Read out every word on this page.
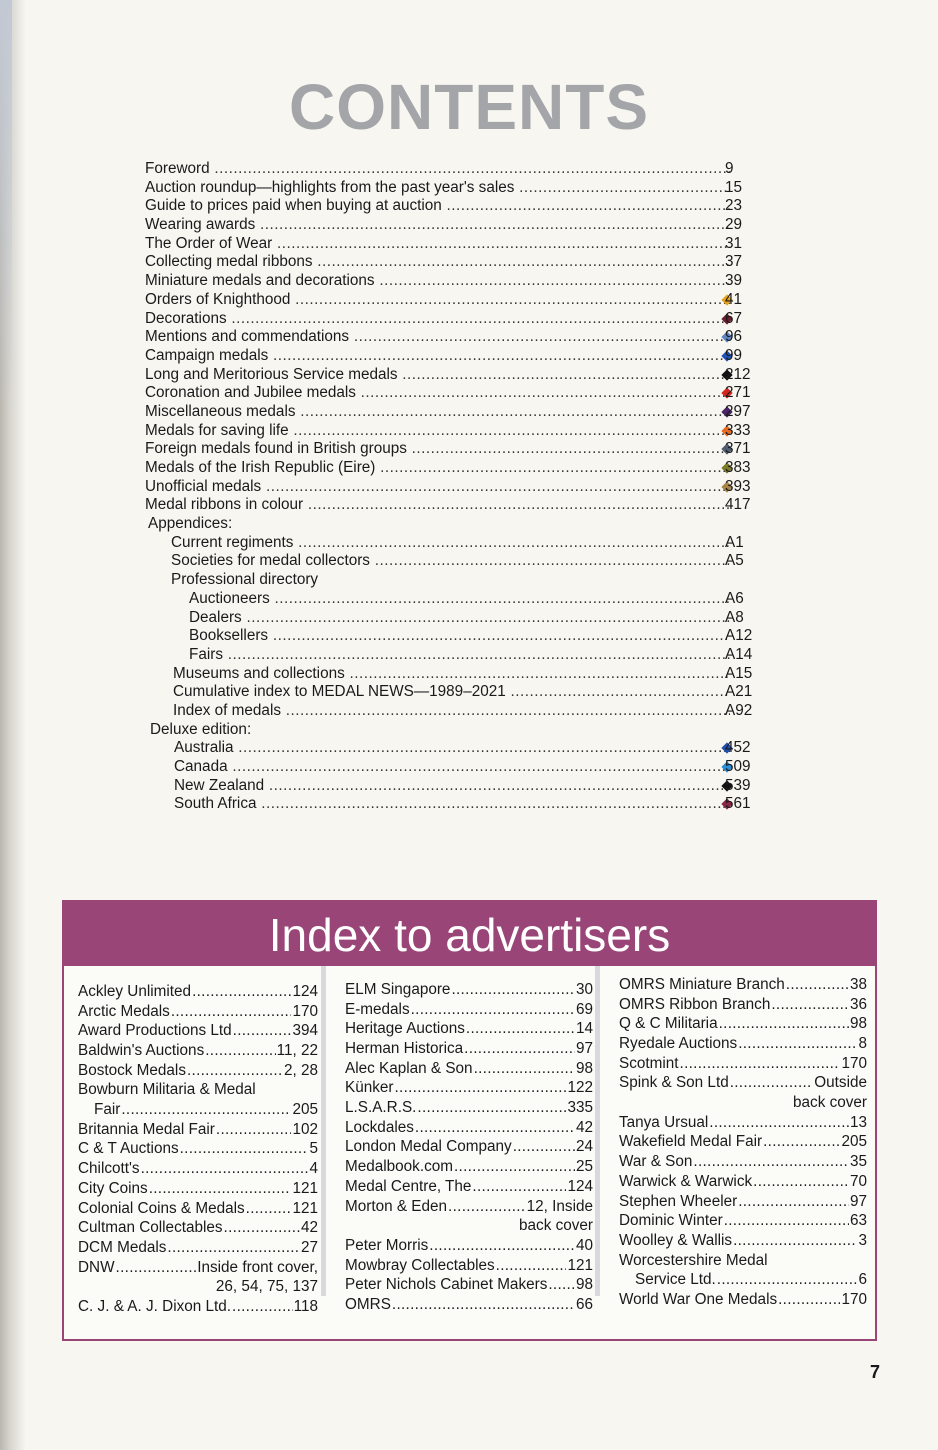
CONTENTS
Foreword .....	9
Auction roundup—highlights from the past year's sales .....	15
Guide to prices paid when buying at auction .....	23
Wearing awards .....	29
The Order of Wear .....	31
Collecting medal ribbons .....	37
Miniature medals and decorations .....	39
Orders of Knighthood .....	41
Decorations .....	67
Mentions and commendations .....	96
Campaign medals .....	99
Long and Meritorious Service medals .....	212
Coronation and Jubilee medals .....	271
Miscellaneous medals .....	297
Medals for saving life .....	333
Foreign medals found in British groups .....	371
Medals of the Irish Republic (Eire) .....	383
Unofficial medals .....	393
Medal ribbons in colour .....	417
Appendices:
Current regiments .....	A1
Societies for medal collectors .....	A5
Professional directory
Auctioneers .....	A6
Dealers .....	A8
Booksellers .....	A12
Fairs .....	A14
Museums and collections .....	A15
Cumulative index to MEDAL NEWS—1989–2021 .....	A21
Index of medals .....	A92
Deluxe edition:
Australia .....	452
Canada .....	509
New Zealand .....	539
South Africa .....	561
Index to advertisers
Ackley Unlimited .....	124
Arctic Medals .....	170
Award Productions Ltd .....	394
Baldwin's Auctions .....	11, 22
Bostock Medals .....	2, 28
Bowburn Militaria & Medal
Fair .....	205
Britannia Medal Fair .....	102
C & T Auctions .....	5
Chilcott's .....	4
City Coins .....	121
Colonial Coins & Medals .....	121
Cultman Collectables .....	42
DCM Medals .....	27
DNW .....	Inside front cover,
26, 54, 75, 137
C. J. & A. J. Dixon Ltd. .....	118
ELM Singapore .....	30
E-medals .....	69
Heritage Auctions .....	14
Herman Historica .....	97
Alec Kaplan & Son .....	98
Künker .....	122
L.S.A.R.S. .....	335
Lockdales .....	42
London Medal Company .....	24
Medalbook.com .....	25
Medal Centre, The .....	124
Morton & Eden .....	12, Inside
back cover
Peter Morris .....	40
Mowbray Collectables .....	121
Peter Nichols Cabinet Makers ..... 98
OMRS .....	66
OMRS Miniature Branch .....	38
OMRS Ribbon Branch .....	36
Q & C Militaria .....	98
Ryedale Auctions .....	8
Scotmint .....	170
Spink & Son Ltd .....	Outside
back cover
Tanya Ursual .....	13
Wakefield Medal Fair .....	205
War & Son .....	35
Warwick & Warwick .....	70
Stephen Wheeler .....	97
Dominic Winter .....	63
Woolley & Wallis .....	3
Worcestershire Medal
Service Ltd. .....	6
World War One Medals .....	170
7
